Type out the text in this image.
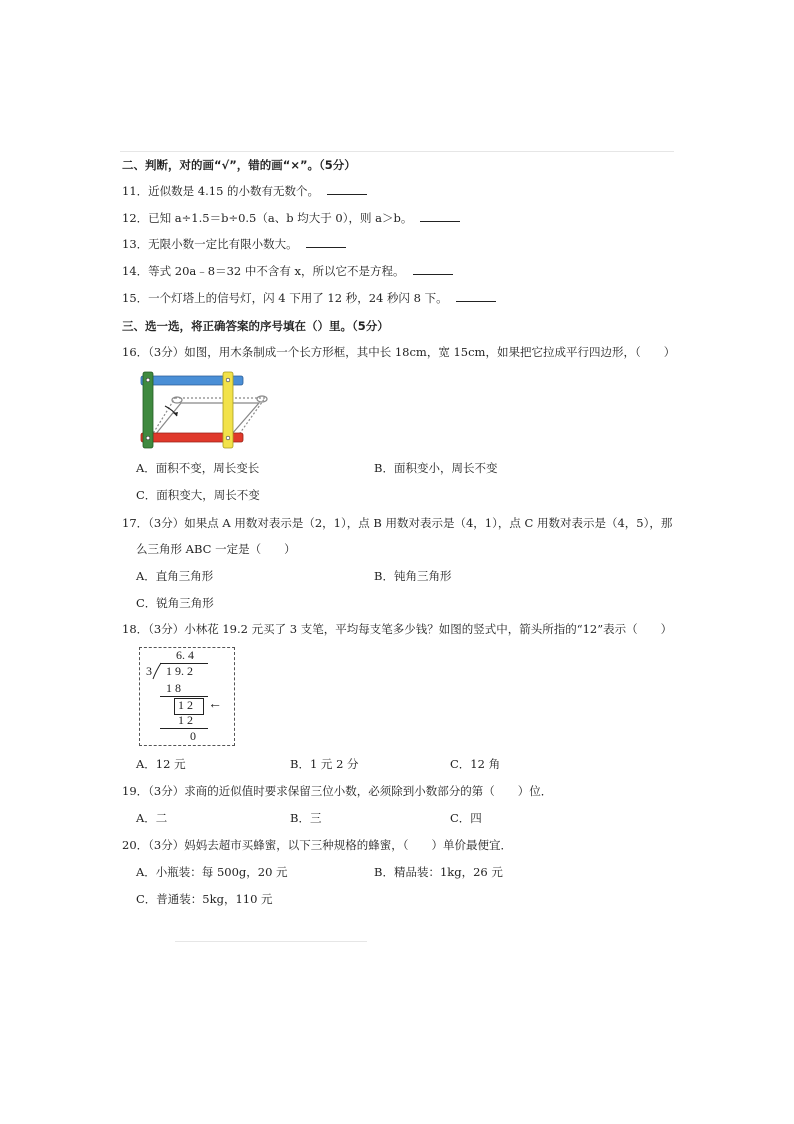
二、判断，对的画“√”，错的画“×”。（5分）
11．近似数是 4.15 的小数有无数个。
12．已知 a÷1.5＝b÷0.5（a、b 均大于 0），则 a＞b。
13．无限小数一定比有限小数大。
14．等式 20a﹣8＝32 中不含有 x，所以它不是方程。
15．一个灯塔上的信号灯，闪 4 下用了 12 秒，24 秒闪 8 下。
三、选一选，将正确答案的序号填在（）里。（5分）
16．（3分）如图，用木条制成一个长方形框，其中长 18cm，宽 15cm，如果把它拉成平行四边形，（　　）
A．面积不变，周长变长	B．面积变小，周长不变
C．面积变大，周长不变
17．（3分）如果点 A 用数对表示是（2，1），点 B 用数对表示是（4，1），点 C 用数对表示是（4，5），那
么三角形 ABC 一定是（　　）
A．直角三角形	B．钝角三角形
C．锐角三角形
18．（3分）小林花 19.2 元买了 3 支笔，平均每支笔多少钱？如图的竖式中，箭头所指的“12”表示（　　）
6. 4
3 1 9. 2
1 8
1 2 ←
1 2
0
A．12 元	B．1 元 2 分	C．12 角
19．（3分）求商的近似值时要求保留三位小数，必须除到小数部分的第（　　）位．
A．二	B．三	C．四
20．（3分）妈妈去超市买蜂蜜，以下三种规格的蜂蜜，（　　）单价最便宜．
A．小瓶装：每 500g，20 元	B．精品装：1kg，26 元
C．普通装：5kg，110 元
